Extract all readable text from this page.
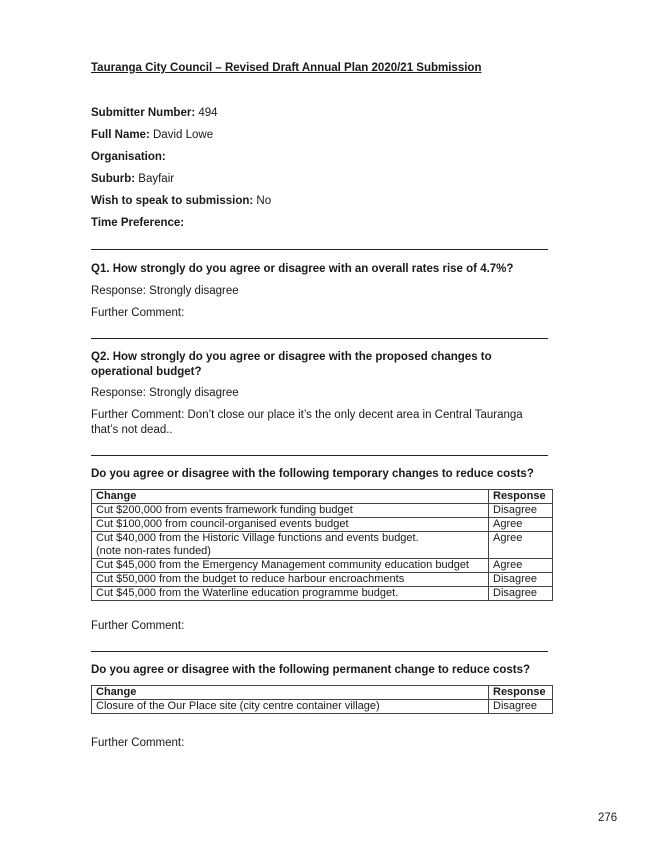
Tauranga City Council – Revised Draft Annual Plan 2020/21 Submission
Submitter Number: 494
Full Name: David Lowe
Organisation:
Suburb: Bayfair
Wish to speak to submission: No
Time Preference:
Q1. How strongly do you agree or disagree with an overall rates rise of 4.7%?
Response: Strongly disagree
Further Comment:
Q2. How strongly do you agree or disagree with the proposed changes to operational budget?
Response: Strongly disagree
Further Comment: Don’t close our place it’s the only decent area in Central Tauranga that’s not dead..
Do you agree or disagree with the following temporary changes to reduce costs?
Change	Response
Cut $200,000 from events framework funding budget	Disagree
Cut $100,000 from council-organised events budget	Agree
Cut $40,000 from the Historic Village functions and events budget.
(note non-rates funded)	Agree
Cut $45,000 from the Emergency Management community education budget	Agree
Cut $50,000 from the budget to reduce harbour encroachments	Disagree
Cut $45,000 from the Waterline education programme budget.	Disagree
Further Comment:
Do you agree or disagree with the following permanent change to reduce costs?
Change	Response
Closure of the Our Place site (city centre container village)	Disagree
Further Comment:
276
